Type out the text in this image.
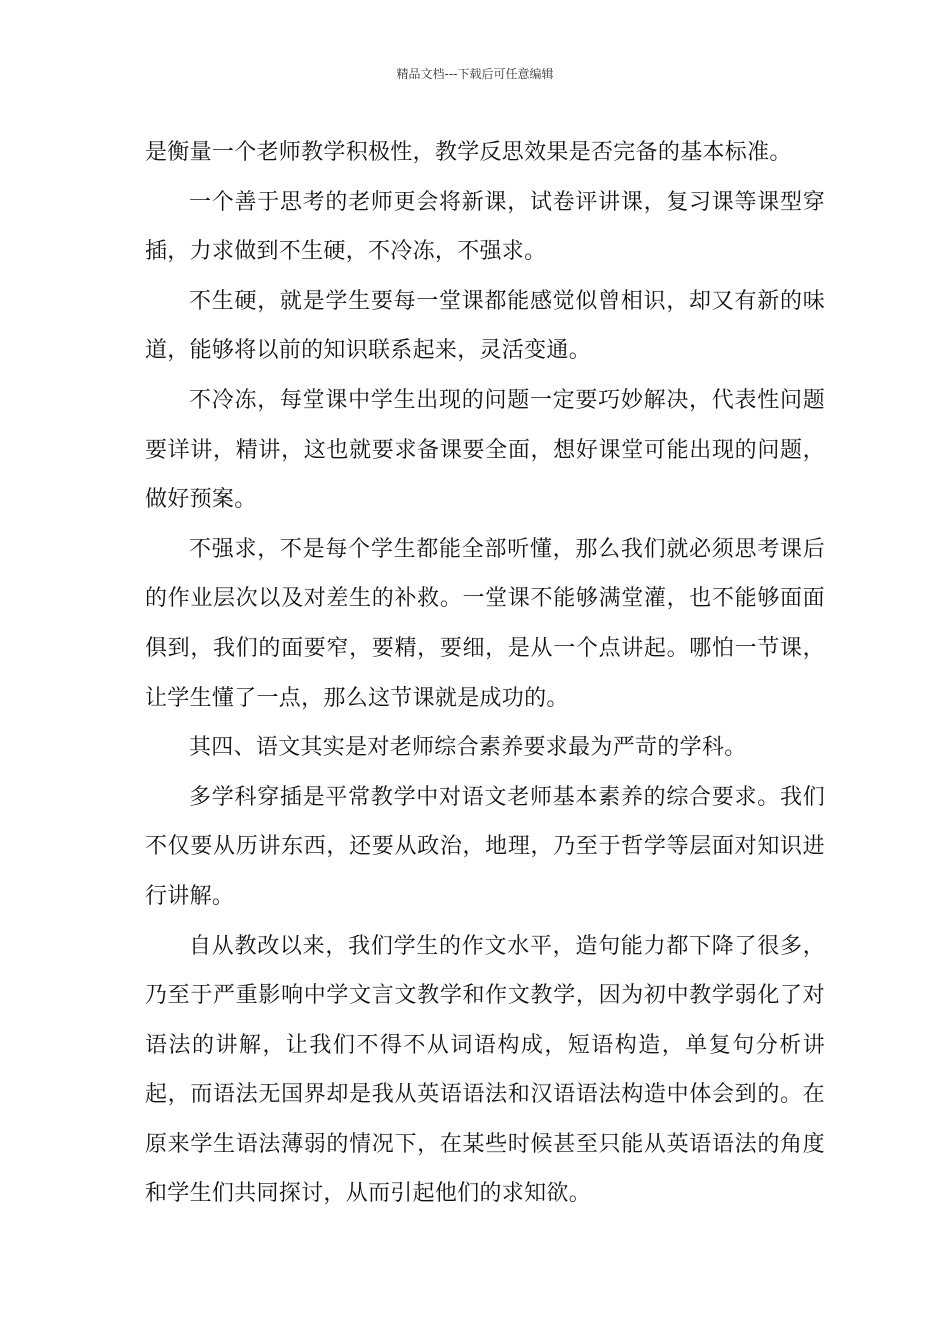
精品文档---下载后可任意编辑

是衡量一个老师教学积极性，教学反思效果是否完备的基本标准。

一个善于思考的老师更会将新课，试卷评讲课，复习课等课型穿插，力求做到不生硬，不冷冻，不强求。

不生硬，就是学生要每一堂课都能感觉似曾相识，却又有新的味道，能够将以前的知识联系起来，灵活变通。

不冷冻，每堂课中学生出现的问题一定要巧妙解决，代表性问题要详讲，精讲，这也就要求备课要全面，想好课堂可能出现的问题，做好预案。

不强求，不是每个学生都能全部听懂，那么我们就必须思考课后的作业层次以及对差生的补救。一堂课不能够满堂灌，也不能够面面俱到，我们的面要窄，要精，要细，是从一个点讲起。哪怕一节课，让学生懂了一点，那么这节课就是成功的。

其四、语文其实是对老师综合素养要求最为严苛的学科。

多学科穿插是平常教学中对语文老师基本素养的综合要求。我们不仅要从历讲东西，还要从政治，地理，乃至于哲学等层面对知识进行讲解。

自从教改以来，我们学生的作文水平，造句能力都下降了很多，乃至于严重影响中学文言文教学和作文教学，因为初中教学弱化了对语法的讲解，让我们不得不从词语构成，短语构造，单复句分析讲起，而语法无国界却是我从英语语法和汉语语法构造中体会到的。在原来学生语法薄弱的情况下，在某些时候甚至只能从英语语法的角度和学生们共同探讨，从而引起他们的求知欲。
